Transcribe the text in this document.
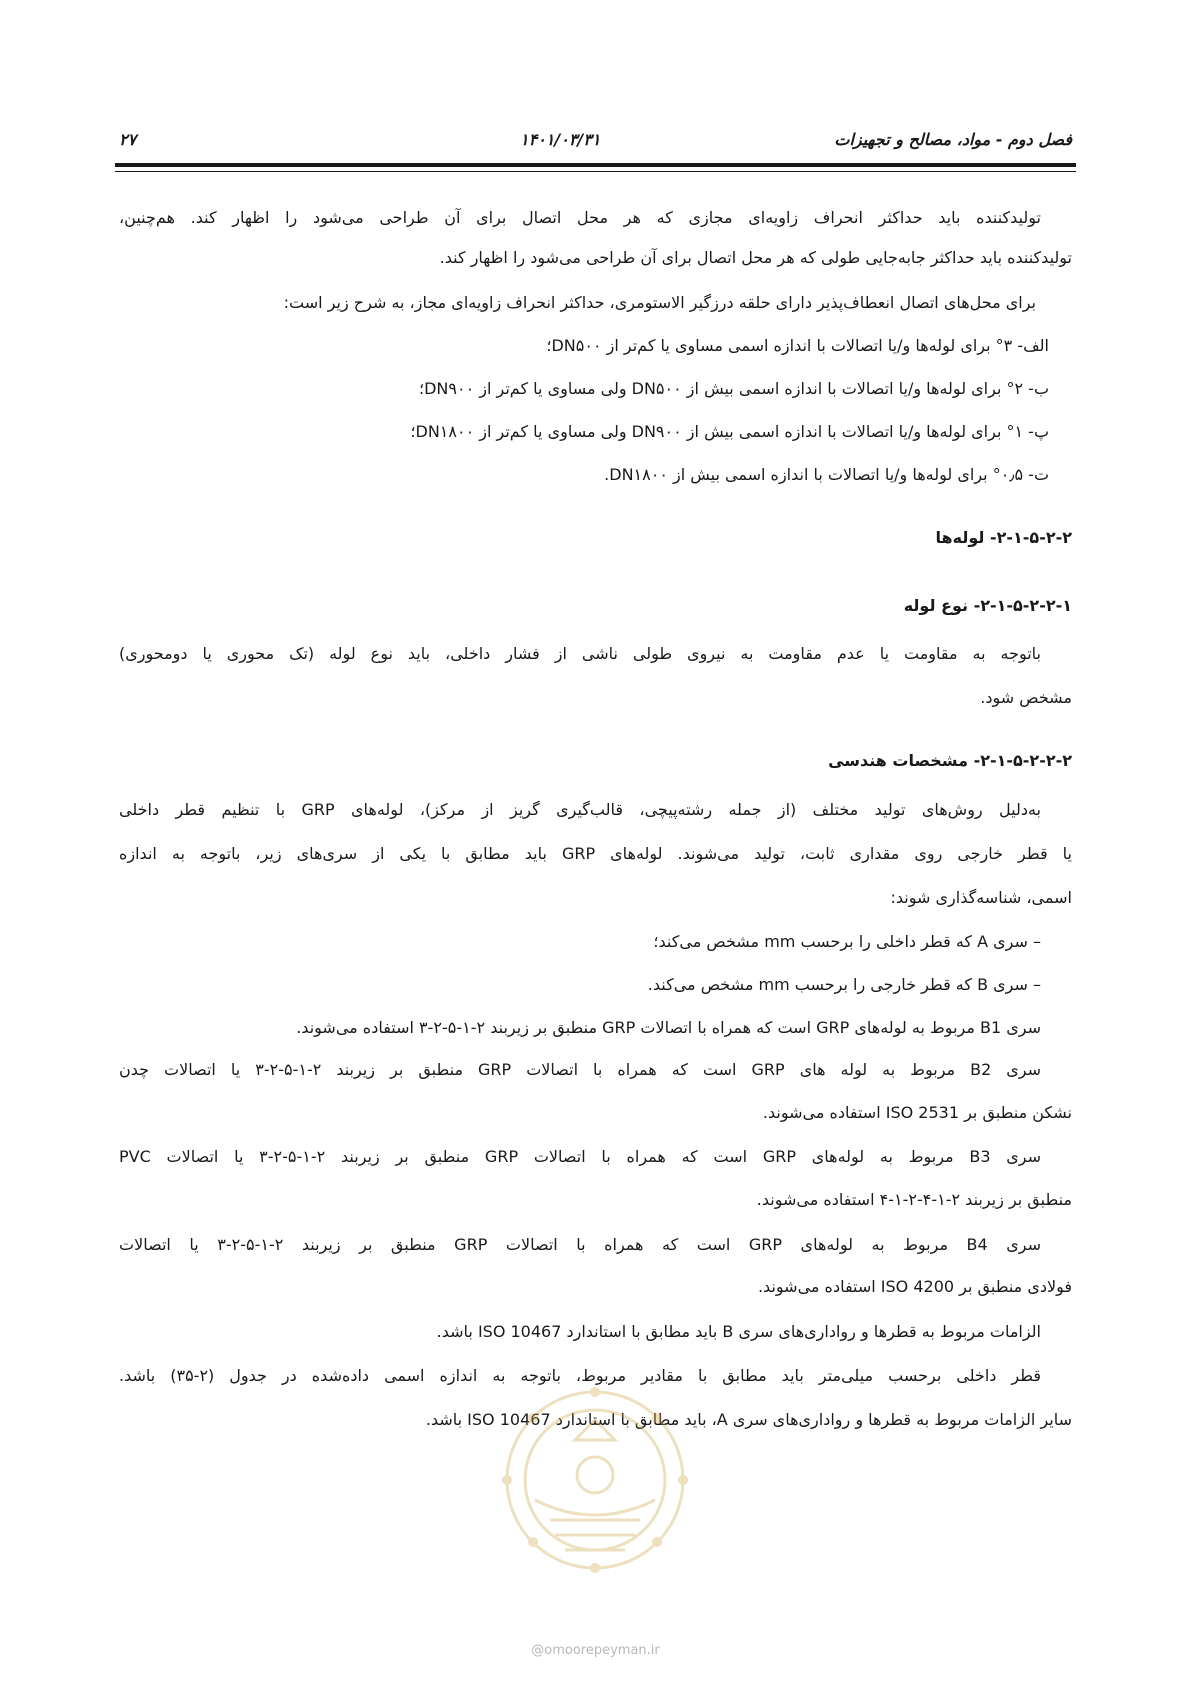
فصل دوم - مواد، مصالح و تجهیزات
۱۴۰۱/۰۳/۳۱
۲۷
تولیدکننده باید حداکثر انحراف زاویه‌ای مجازی که هر محل اتصال برای آن طراحی می‌شود را اظهار کند. هم‌چنین،
تولیدکننده باید حداکثر جابه‌جایی طولی که هر محل اتصال برای آن طراحی می‌شود را اظهار کند.
برای محل‌های اتصال انعطاف‌پذیر دارای حلقه درزگیر الاستومری، حداکثر انحراف زاویه‌ای مجاز، به شرح زیر است:
الف- ۳° برای لوله‌ها و/یا اتصالات با اندازه اسمی مساوی یا کم‌تر از DN۵۰۰؛
ب- ۲° برای لوله‌ها و/یا اتصالات با اندازه اسمی بیش از DN۵۰۰ ولی مساوی یا کم‌تر از DN۹۰۰؛
پ- ۱° برای لوله‌ها و/یا اتصالات با اندازه اسمی بیش از DN۹۰۰ ولی مساوی یا کم‌تر از DN۱۸۰۰؛
ت- ۰٫۵° برای لوله‌ها و/یا اتصالات با اندازه اسمی بیش از DN۱۸۰۰.
۲-۱-۵-۲-۲- لوله‌ها
۲-۱-۵-۲-۲-۱- نوع لوله
باتوجه به مقاومت یا عدم مقاومت به نیروی طولی ناشی از فشار داخلی، باید نوع لوله (تک محوری یا دومحوری)
مشخص شود.
۲-۱-۵-۲-۲-۲- مشخصات هندسی
به‌دلیل روش‌های تولید مختلف (از جمله رشته‌پیچی، قالب‌گیری گریز از مرکز)، لوله‌های GRP با تنظیم قطر داخلی
یا قطر خارجی روی مقداری ثابت، تولید می‌شوند. لوله‌های GRP باید مطابق با یکی از سری‌های زیر، باتوجه به اندازه
اسمی، شناسه‌گذاری شوند:
– سری A که قطر داخلی را برحسب mm مشخص می‌کند؛
– سری B که قطر خارجی را برحسب mm مشخص می‌کند.
سری B1 مربوط به لوله‌های GRP است که همراه با اتصالات GRP منطبق بر زیربند ۲-۱-۵-۲-۳ استفاده می‌شوند.
سری B2 مربوط به لوله های GRP است که همراه با اتصالات GRP منطبق بر زیربند ۲-۱-۵-۲-۳ یا اتصالات چدن
نشکن منطبق بر ISO 2531 استفاده می‌شوند.
سری B3 مربوط به لوله‌های GRP است که همراه با اتصالات GRP منطبق بر زیربند ۲-۱-۵-۲-۳ یا اتصالات PVC
منطبق بر زیربند ۲-۱-۴-۲-۱-۴ استفاده می‌شوند.
سری B4 مربوط به لوله‌های GRP است که همراه با اتصالات GRP منطبق بر زیربند ۲-۱-۵-۲-۳ یا اتصالات
فولادی منطبق بر ISO 4200 استفاده می‌شوند.
الزامات مربوط به قطرها و رواداری‌های سری B باید مطابق با استاندارد ISO 10467 باشد.
قطر داخلی برحسب میلی‌متر باید مطابق با مقادیر مربوط، باتوجه به اندازه اسمی داده‌شده در جدول (۲-۳۵) باشد.
سایر الزامات مربوط به قطرها و رواداری‌های سری A، باید مطابق با استاندارد ISO 10467 باشد.
@omoorepeyman.ir
